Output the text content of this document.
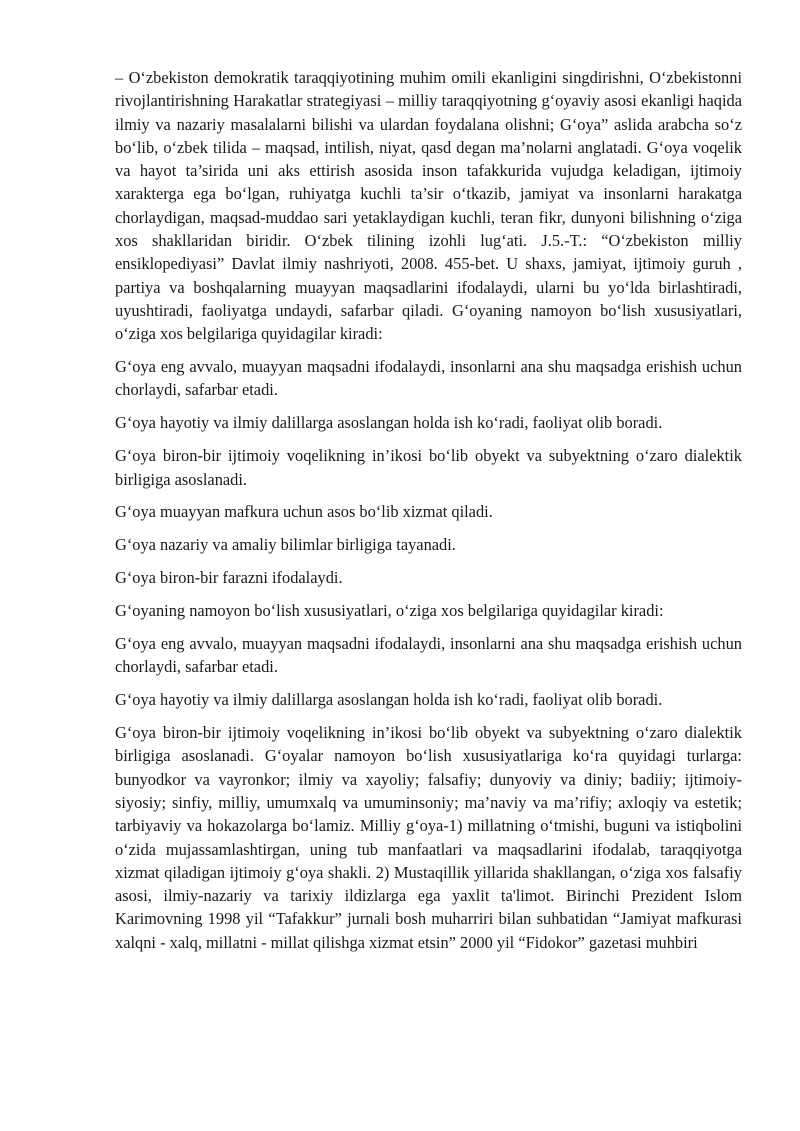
– O‘zbekiston demokratik taraqqiyotining muhim omili ekanligini singdirishni, O‘zbekistonni rivojlantirishning Harakatlar strategiyasi – milliy taraqqiyotning g‘oyaviy asosi ekanligi haqida ilmiy va nazariy masalalarni bilishi va ulardan foydalana olishni; G‘oya” aslida arabcha so‘z bo‘lib, o‘zbek tilida – maqsad, intilish, niyat, qasd degan ma’nolarni anglatadi. G‘oya voqelik va hayot ta’sirida uni aks ettirish asosida inson tafakkurida vujudga keladigan, ijtimoiy xarakterga ega bo‘lgan, ruhiyatga kuchli ta’sir o‘tkazib, jamiyat va insonlarni harakatga chorlaydigan, maqsad-muddao sari yetaklaydigan kuchli, teran fikr, dunyoni bilishning o‘ziga xos shakllaridan biridir. O‘zbek tilining izohli lug‘ati. J.5.-T.: “O‘zbekiston milliy ensiklopediyasi” Davlat ilmiy nashriyoti, 2008. 455-bet. U shaxs, jamiyat, ijtimoiy guruh , partiya va boshqalarning muayyan maqsadlarini ifodalaydi, ularni bu yo‘lda birlashtiradi, uyushtiradi, faoliyatga undaydi, safarbar qiladi. G‘oyaning namoyon bo‘lish xususiyatlari, o‘ziga xos belgilariga quyidagilar kiradi:

G‘oya eng avvalo, muayyan maqsadni ifodalaydi, insonlarni ana shu maqsadga erishish uchun chorlaydi, safarbar etadi.

G‘oya hayotiy va ilmiy dalillarga asoslangan holda ish ko‘radi, faoliyat olib boradi.

G‘oya biron-bir ijtimoiy voqelikning in’ikosi bo‘lib obyekt va subyektning o‘zaro dialektik birligiga asoslanadi.

G‘oya muayyan mafkura uchun asos bo‘lib xizmat qiladi.

G‘oya nazariy va amaliy bilimlar birligiga tayanadi.

G‘oya biron-bir farazni ifodalaydi.

G‘oyaning namoyon bo‘lish xususiyatlari, o‘ziga xos belgilariga quyidagilar kiradi:

G‘oya eng avvalo, muayyan maqsadni ifodalaydi, insonlarni ana shu maqsadga erishish uchun chorlaydi, safarbar etadi.

G‘oya hayotiy va ilmiy dalillarga asoslangan holda ish ko‘radi, faoliyat olib boradi.

G‘oya biron-bir ijtimoiy voqelikning in’ikosi bo‘lib obyekt va subyektning o‘zaro dialektik birligiga asoslanadi. G‘oyalar namoyon bo‘lish xususiyatlariga ko‘ra quyidagi turlarga: bunyodkor va vayronkor; ilmiy va xayoliy; falsafiy; dunyoviy va diniy; badiiy; ijtimoiy-siyosiy; sinfiy, milliy, umumxalq va umuminsoniy; ma’naviy va ma’rifiy; axloqiy va estetik; tarbiyaviy va hokazolarga bo‘lamiz. Milliy g‘oya-1) millatning o‘tmishi, buguni va istiqbolini o‘zida mujassamlashtirgan, uning tub manfaatlari va maqsadlarini ifodalab, taraqqiyotga xizmat qiladigan ijtimoiy g‘oya shakli. 2) Mustaqillik yillarida shakllangan, o‘ziga xos falsafiy asosi, ilmiy-nazariy va tarixiy ildizlarga ega yaxlit ta'limot. Birinchi Prezident Islom Karimovning 1998 yil “Tafakkur” jurnali bosh muharriri bilan suhbatidan “Jamiyat mafkurasi xalqni - xalq, millatni - millat qilishga xizmat etsin” 2000 yil “Fidokor” gazetasi muhbiri
